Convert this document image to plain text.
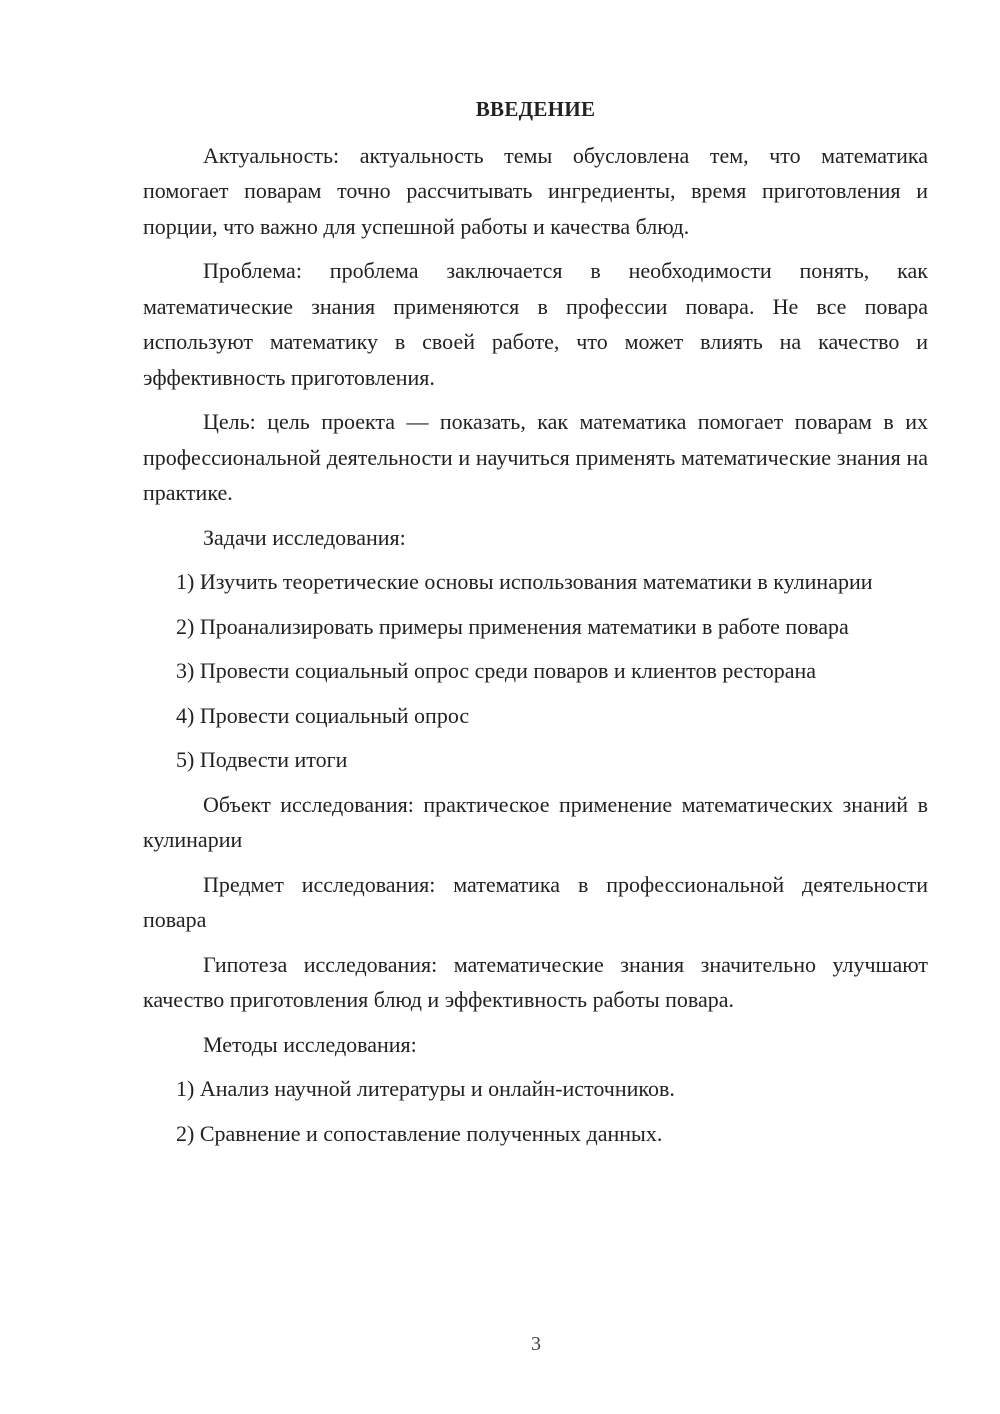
ВВЕДЕНИЕ

Актуальность: актуальность темы обусловлена тем, что математика помогает поварам точно рассчитывать ингредиенты, время приготовления и порции, что важно для успешной работы и качества блюд.

Проблема: проблема заключается в необходимости понять, как математические знания применяются в профессии повара. Не все повара используют математику в своей работе, что может влиять на качество и эффективность приготовления.

Цель: цель проекта — показать, как математика помогает поварам в их профессиональной деятельности и научиться применять математические знания на практике.

Задачи исследования:

1) Изучить теоретические основы использования математики в кулинарии

2) Проанализировать примеры применения математики в работе повара

3) Провести социальный опрос среди поваров и клиентов ресторана

4) Провести социальный опрос

5) Подвести итоги

Объект исследования: практическое применение математических знаний в кулинарии

Предмет исследования: математика в профессиональной деятельности повара

Гипотеза исследования: математические знания значительно улучшают качество приготовления блюд и эффективность работы повара.

Методы исследования:

1) Анализ научной литературы и онлайн-источников.

2) Сравнение и сопоставление полученных данных.

3
